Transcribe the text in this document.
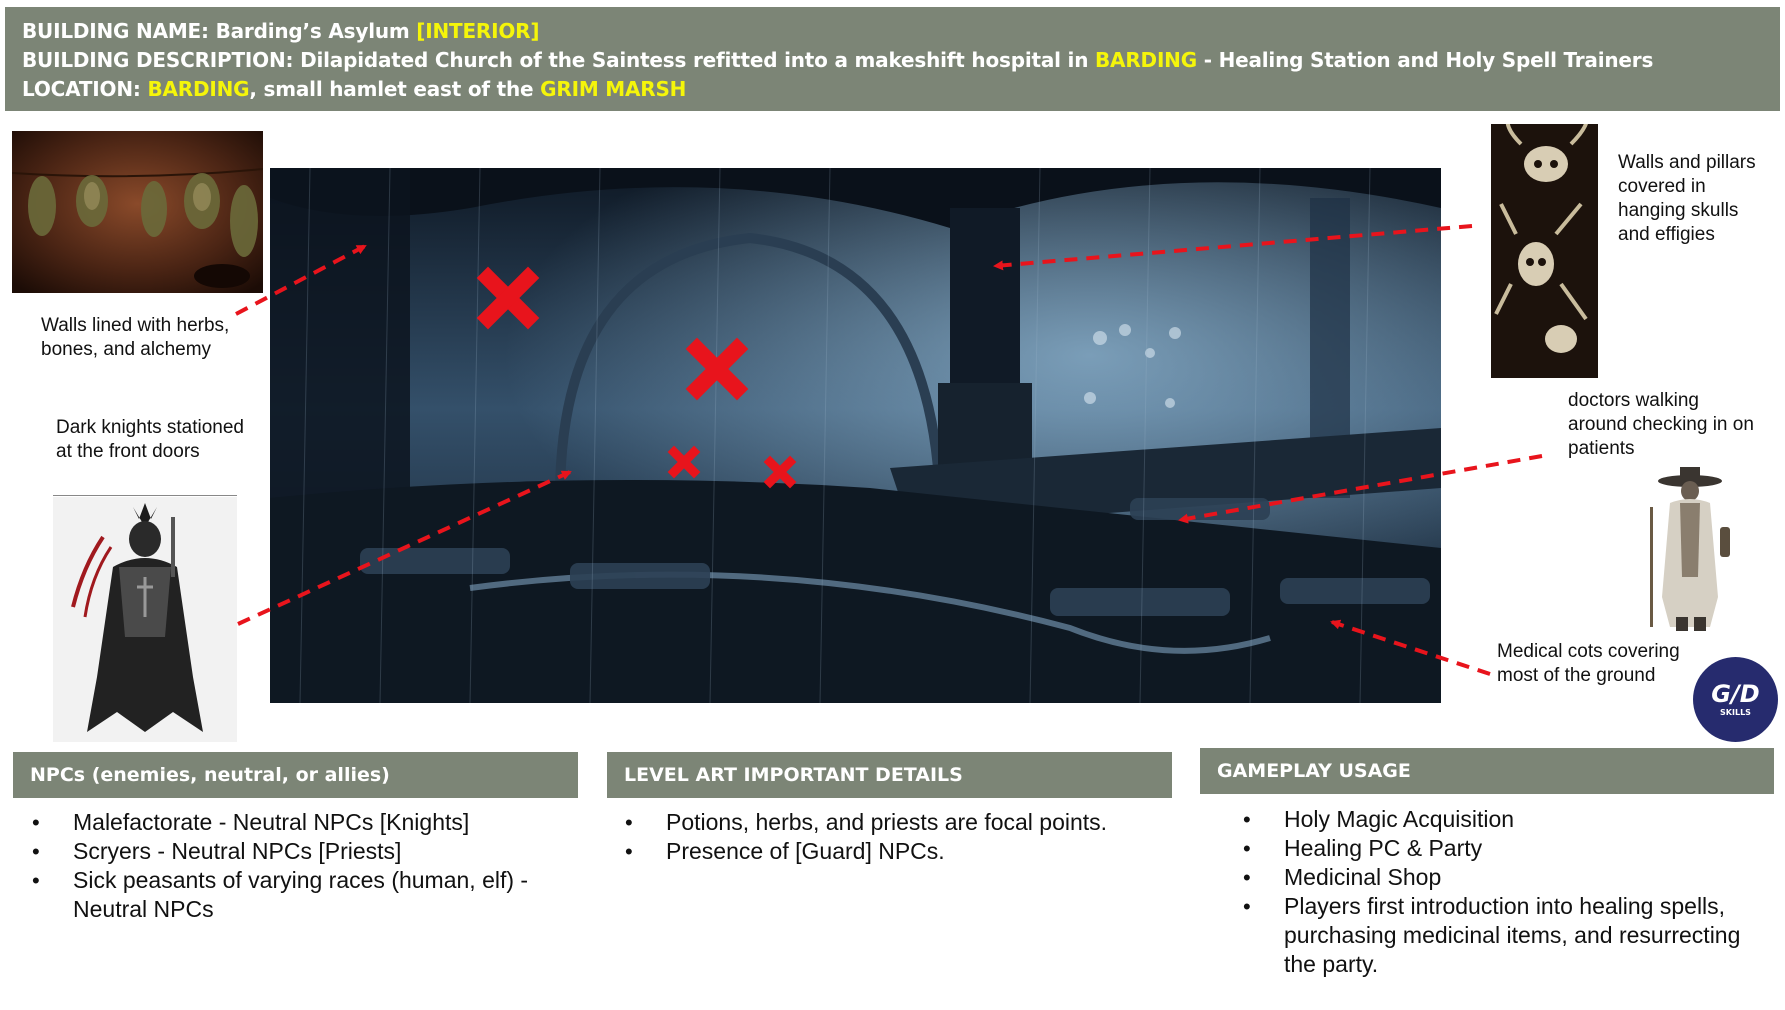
BUILDING NAME: Barding’s Asylum [INTERIOR]
BUILDING DESCRIPTION: Dilapidated Church of the Saintess refitted into a makeshift hospital in BARDING - Healing Station and Holy Spell Trainers
LOCATION: BARDING, small hamlet east of the GRIM MARSH
Walls lined with herbs, bones, and alchemy
Dark knights stationed at the front doors
Walls and pillars covered in hanging skulls and effigies
doctors walking around checking in on patients
Medical cots covering most of the ground
G/D
SKILLS
NPCs (enemies, neutral, or allies)	LEVEL ART IMPORTANT DETAILS	GAMEPLAY USAGE
• Malefactorate - Neutral NPCs [Knights]
• Scryers - Neutral NPCs [Priests]
• Sick peasants of varying races (human, elf) - Neutral NPCs
• Potions, herbs, and priests are focal points.
• Presence of [Guard] NPCs.
• Holy Magic Acquisition
• Healing PC & Party
• Medicinal Shop
• Players first introduction into healing spells, purchasing medicinal items, and resurrecting the party.
